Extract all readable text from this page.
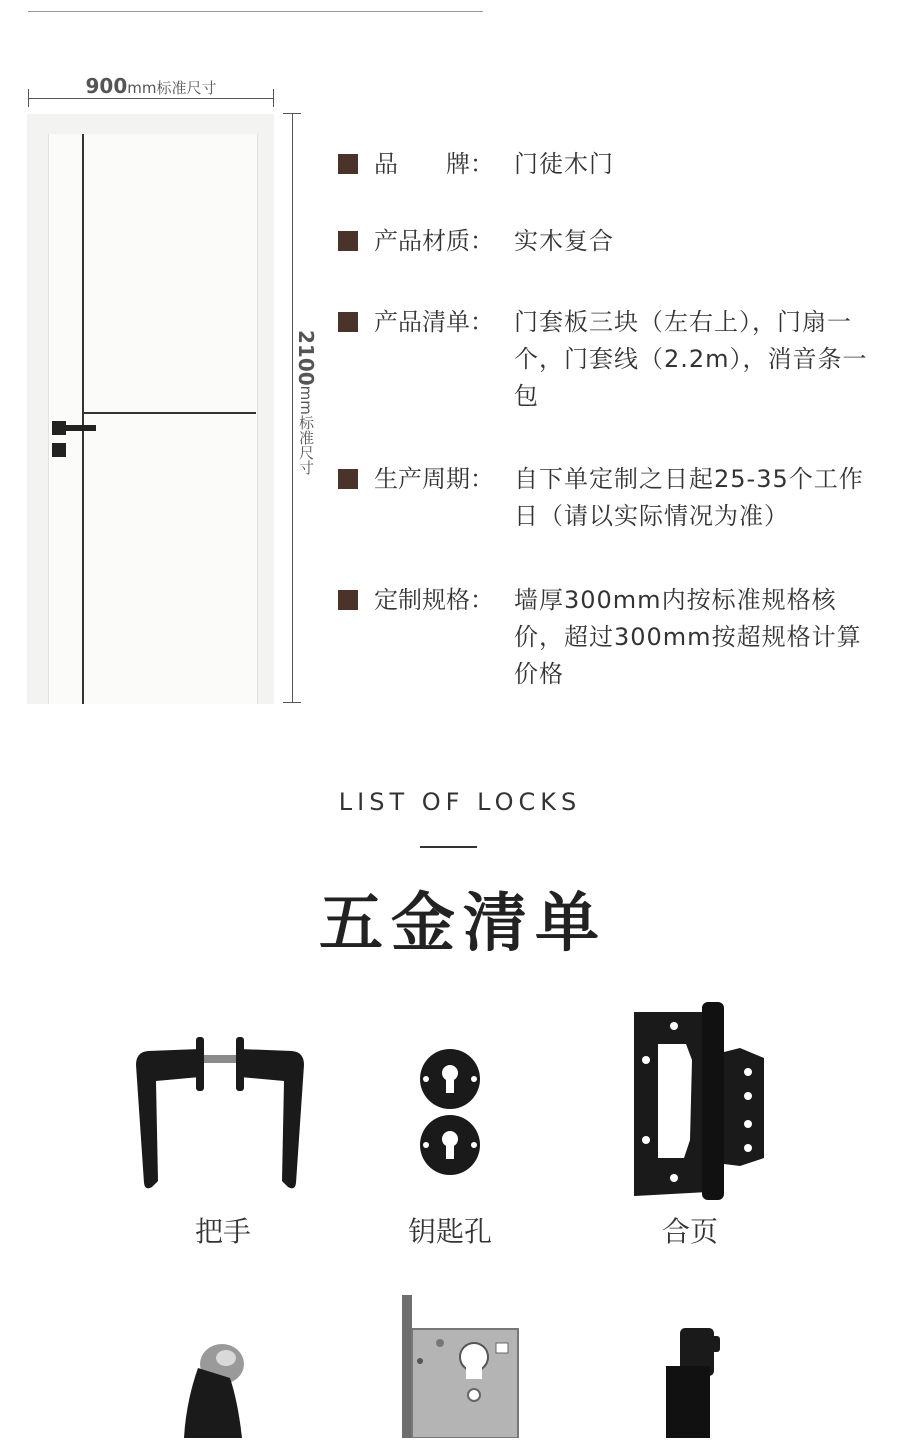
900mm标准尺寸
2100mm标准尺寸
品　　牌： 门徒木门
产品材质： 实木复合
产品清单： 门套板三块（左右上），门扇一个，门套线（2.2m），消音条一包
生产周期： 自下单定制之日起25-35个工作日（请以实际情况为准）
定制规格： 墙厚300mm内按标准规格核价，超过300mm按超规格计算价格
LIST OF LOCKS
五金清单
把手	钥匙孔	合页
